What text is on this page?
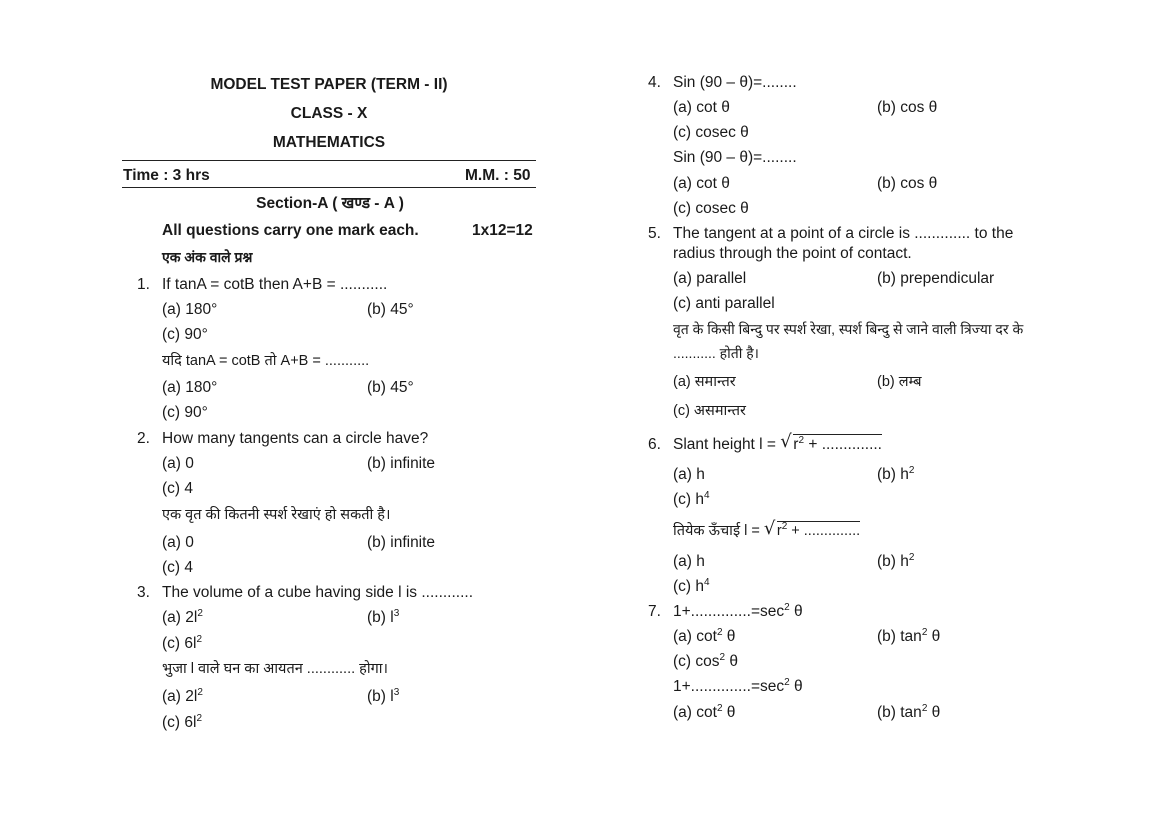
MODEL TEST PAPER (TERM - II)
CLASS - X
MATHEMATICS
Time : 3 hrs	M.M. : 50
Section-A ( खण्ड - A )
All questions carry one mark each.	1x12=12
एक अंक वाले प्रश्न
1. If tanA = cotB then A+B = ...........
(a) 180°	(b) 45°
(c) 90°
यदि tanA = cotB तो A+B = ...........
(a) 180°	(b) 45°
(c) 90°
2. How many tangents can a circle have?
(a) 0	(b) infinite
(c) 4
एक वृत की कितनी स्पर्श रेखाएं हो सकती है।
(a) 0	(b) infinite
(c) 4
3. The volume of a cube having side l is ............
(a) $2l^2$	(b) $l^3$
(c) $6l^2$
भुजा l वाले घन का आयतन ............ होगा।
(a) $2l^2$	(b) $l^3$
(c) $6l^2$
4. Sin (90 – θ)=........
(a) cot θ	(b) cos θ
(c) cosec θ
Sin (90 – θ)=........
(a) cot θ	(b) cos θ
(c) cosec θ
5. The tangent at a point of a circle is ............. to the
radius through the point of contact.
(a) parallel	(b) prependicular
(c) anti parallel
वृत के किसी बिन्दु पर स्पर्श रेखा, स्पर्श बिन्दु से जाने वाली त्रिज्या दर के
........... होती है।
(a) समान्तर	(b) लम्ब
(c) असमान्तर
6. Slant height l = √ $r^2$ + ..............
(a) h	(b) $h^2$
(c) $h^4$
तियेक ऊँचाई l = √ $r^2$ + ..............
(a) h	(b) $h^2$
(c) $h^4$
7. $1+..............=\sec^2$ θ
(a) $\cot^2 \theta$	(b) $\tan^2 \theta$
(c) $\cos^2 \theta$
$1+..............=\sec^2$ θ
(a) $\cot^2 \theta$	(b) $\tan^2 \theta$
